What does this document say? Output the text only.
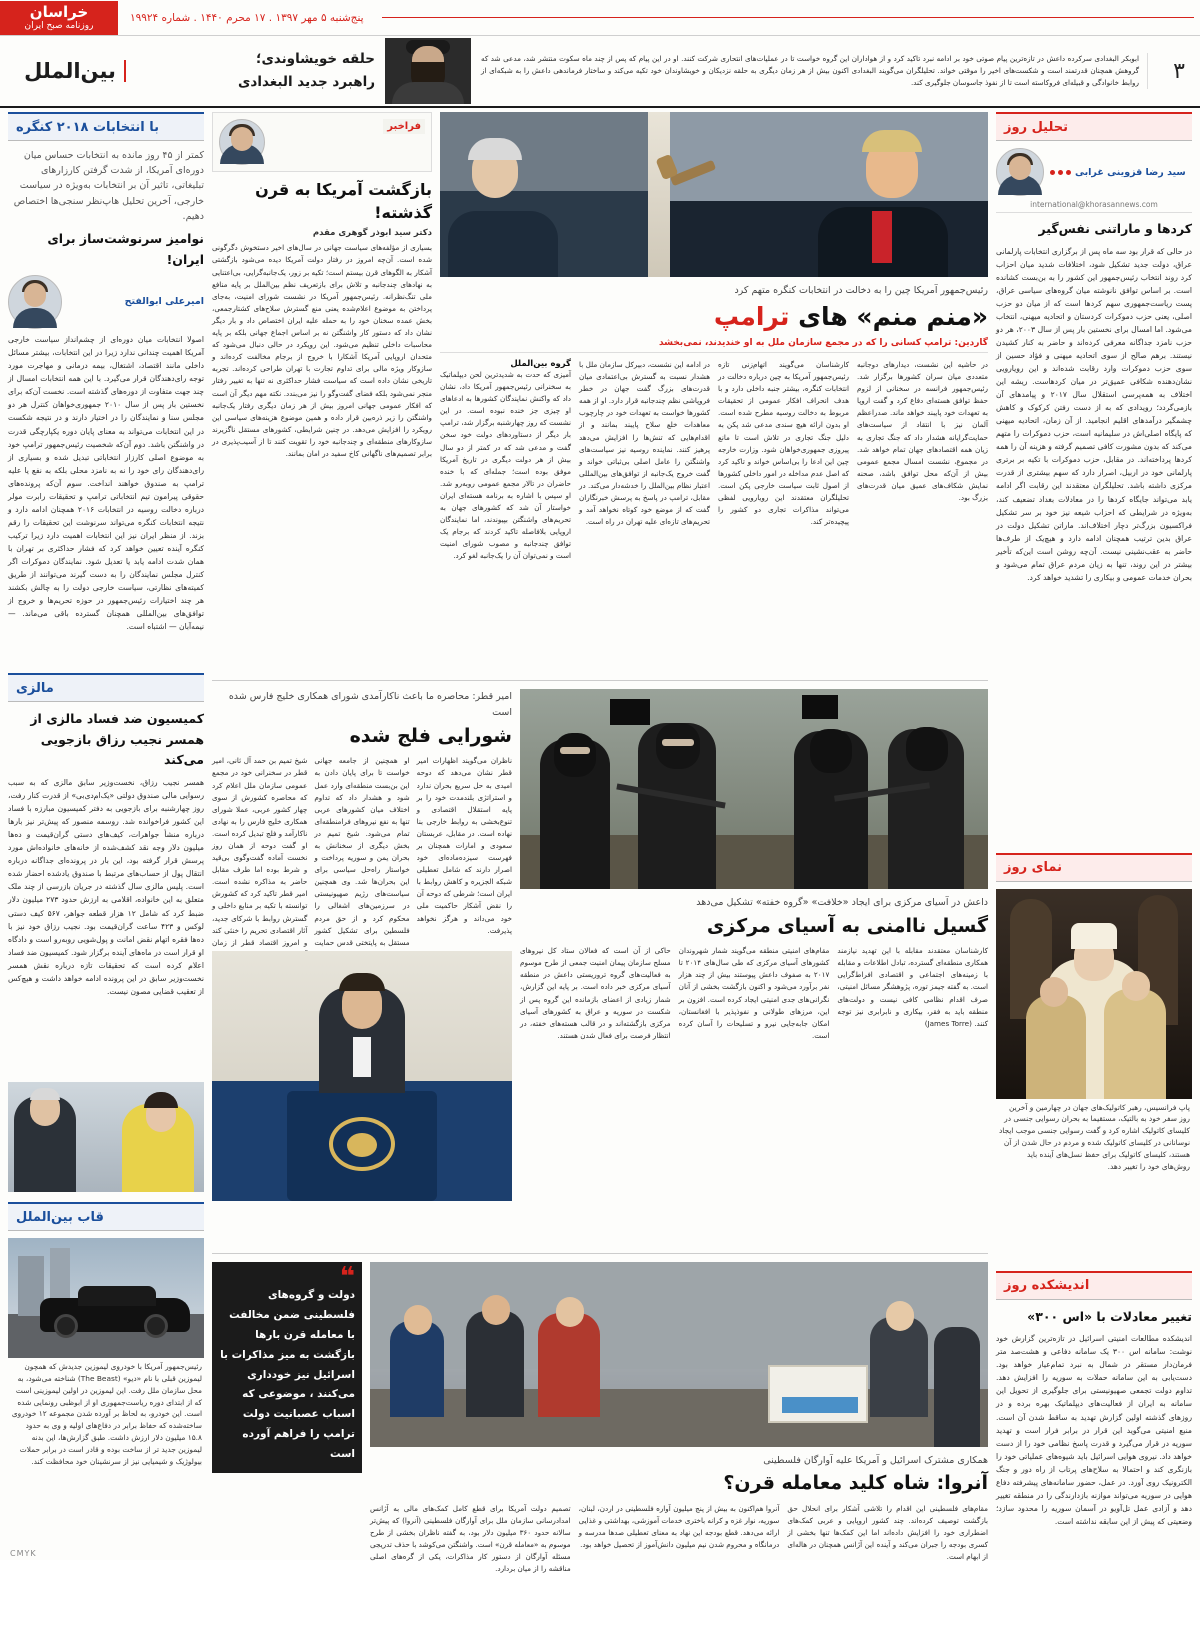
خراسان
روزنامه صبح ایران
پنج‌شنبه ۵ مهر ۱۳۹۷ . ۱۷ محرم ۱۴۴۰ . شماره ۱۹۹۲۴
۳
بین‌الملل	حلقه خویشاوندی؛
راهبرد جدید البغدادی
ابوبکر البغدادی سرکرده داعش در تازه‌ترین پیام صوتی خود بر ادامه نبرد تاکید کرد و از هواداران این گروه خواست تا در عملیات‌های انتحاری شرکت کنند. او در این پیام که پس از چند ماه سکوت منتشر شد، مدعی شد که گروهش همچنان قدرتمند است و شکست‌های اخیر را موقتی خواند. تحلیلگران می‌گویند البغدادی اکنون بیش از هر زمان دیگری به حلقه نزدیکان و خویشاوندان خود تکیه می‌کند و ساختار فرماندهی داعش را به شبکه‌ای از روابط خانوادگی و قبیله‌ای فروکاسته است تا از نفوذ جاسوسان جلوگیری کند.
با انتخابات ۲۰۱۸ کنگره
کمتر از ۴۵ روز مانده به انتخابات حساس میان دوره‌ای آمریکا، از شدت گرفتن کارزارهای تبلیغاتی، تاثیر آن بر انتخابات به‌ویژه در سیاست خارجی، آخرین تحلیل هاپ‌نظر سنجی‌ها اختصاص دهیم.
نواميز سرنوشت‌ساز برای ایران!
امیرعلی ابوالفتح
اصولا انتخابات میان دوره‌ای از چشم‌انداز سیاست خارجی آمریکا اهمیت چندانی ندارد زیرا در این انتخابات، بیشتر مسائل داخلی مانند اقتصاد، اشتغال، بیمه درمانی و مهاجرت مورد توجه رای‌دهندگان قرار می‌گیرد. با این همه انتخابات امسال از چند جهت متفاوت از دوره‌های گذشته است. نخست آن‌که برای نخستین بار پس از سال ۲۰۱۰ جمهوری‌خواهان کنترل هر دو مجلس سنا و نمایندگان را در اختیار دارند و در نتیجه شکست در این انتخابات می‌تواند به معنای پایان دوره یکپارچگی قدرت در واشنگتن باشد. دوم آن‌که شخصیت رئیس‌جمهور ترامپ خود به موضوع اصلی کارزار انتخاباتی تبدیل شده و بسیاری از رای‌دهندگان رای خود را نه به نامزد محلی بلکه به نفع یا علیه ترامپ به صندوق خواهند انداخت. سوم آن‌که پرونده‌های حقوقی پیرامون تیم انتخاباتی ترامپ و تحقیقات رابرت مولر درباره دخالت روسیه در انتخابات ۲۰۱۶ همچنان ادامه دارد و نتیجه انتخابات کنگره می‌تواند سرنوشت این تحقیقات را رقم بزند. از منظر ایران نیز این انتخابات اهمیت دارد زیرا ترکیب کنگره آینده تعیین خواهد کرد که فشار حداکثری بر تهران با همان شدت ادامه یابد یا تعدیل شود. نمایندگان دموکرات اگر کنترل مجلس نمایندگان را به دست گیرند می‌توانند از طریق کمیته‌های نظارتی، سیاست خارجی دولت را به چالش بکشند هر چند اختیارات رئیس‌جمهور در حوزه تحریم‌ها و خروج از توافق‌های بین‌المللی همچنان گسترده باقی می‌ماند. — نیمه‌آبان — اشتباه است.
مالزی
کمیسیون ضد فساد مالزی از همسر نجیب رزاق بازجویی می‌کند
همسر نجیب رزاق، نخست‌وزیر سابق مالزی که به سبب رسوایی مالی صندوق دولتی «یک‌ام‌دی‌بی» از قدرت کنار رفت، روز چهارشنبه برای بازجویی به دفتر کمیسیون مبارزه با فساد این کشور فراخوانده شد. روسمه منصور که پیش‌تر نیز بارها درباره منشأ جواهرات، کیف‌های دستی گران‌قیمت و ده‌ها میلیون دلار وجه نقد کشف‌شده از خانه‌های خانواده‌اش مورد پرسش قرار گرفته بود، این بار در پرونده‌ای جداگانه درباره انتقال پول از حساب‌های مرتبط با صندوق یادشده احضار شده است. پلیس مالزی سال گذشته در جریان بازرسی از چند ملک متعلق به این خانواده، اقلامی به ارزش حدود ۲۷۳ میلیون دلار ضبط کرد که شامل ۱۲ هزار قطعه جواهر، ۵۶۷ کیف دستی لوکس و ۴۲۳ ساعت گران‌قیمت بود. نجیب رزاق خود نیز با ده‌ها فقره اتهام نقض امانت و پول‌شویی روبه‌رو است و دادگاه او قرار است در ماه‌های آینده برگزار شود. کمیسیون ضد فساد اعلام کرده است که تحقیقات تازه درباره نقش همسر نخست‌وزیر سابق در این پرونده ادامه خواهد داشت و هیچ‌کس از تعقیب قضایی مصون نیست.
قاب بین‌الملل
رئیس‌جمهور آمریکا با خودروی لیموزین جدیدش که همچون لیموزین قبلی با نام «دیو» (The Beast) شناخته می‌شود، به محل سازمان ملل رفت. این لیموزین در اولین لیموزینی است که از ابتدای دوره ریاست‌جمهوری او از ابوظبی رونمایی شده است. این خودرو، به لحاظ بر آورده شدن مجموعه ۱۲ خودروی ساخته‌شده که حفاظ برابر در دفاع‌های اولیه و وی به حدود ۱۵.۸ میلیون دلار ارزش داشت. طبق گزارش‌ها، این بدنه لیموزین جدید تر از ساخت بوده و قادر است در برابر حملات بیولوژیک و شیمیایی نیز از سرنشینان خود محافظت کند.
فراخبر
بازگشت آمریکا به قرن گذشته!
دکتر سید ابوذر گوهری مقدم
بسیاری از مؤلفه‌های سیاست جهانی در سال‌های اخیر دستخوش دگرگونی شده است. آن‌چه امروز در رفتار دولت آمریکا دیده می‌شود بازگشتی آشکار به الگوهای قرن بیستم است؛ تکیه بر زور، یک‌جانبه‌گرایی، بی‌اعتنایی به نهادهای چندجانبه و تلاش برای بازتعریف نظم بین‌الملل بر پایه منافع ملی تنگ‌نظرانه. رئیس‌جمهور آمریکا در نشست شورای امنیت، به‌جای پرداختن به موضوع اعلام‌شده یعنی منع گسترش سلاح‌های کشتارجمعی، بخش عمده سخنان خود را به حمله علیه ایران اختصاص داد و بار دیگر نشان داد که دستور کار واشنگتن نه بر اساس اجماع جهانی بلکه بر پایه محاسبات داخلی تنظیم می‌شود. این رویکرد در حالی دنبال می‌شود که متحدان اروپایی آمریکا آشکارا با خروج از برجام مخالفت کرده‌اند و سازوکار ویژه مالی برای تداوم تجارت با تهران طراحی کرده‌اند. تجربه تاریخی نشان داده است که سیاست فشار حداکثری نه تنها به تغییر رفتار منجر نمی‌شود بلکه فضای گفت‌وگو را نیز می‌بندد. نکته مهم دیگر آن است که افکار عمومی جهانی امروز بیش از هر زمان دیگری رفتار یک‌جانبه واشنگتن را زیر ذره‌بین قرار داده و همین موضوع هزینه‌های سیاسی این رویکرد را افزایش می‌دهد. در چنین شرایطی، کشورهای مستقل ناگزیرند سازوکارهای منطقه‌ای و چندجانبه خود را تقویت کنند تا از آسیب‌پذیری در برابر تصمیم‌های ناگهانی کاخ سفید در امان بمانند.
رئیس‌جمهور آمریکا چین را به دخالت در انتخابات کنگره متهم کرد
«منم منم» های ترامپ
گاردین: ترامپ کسانی را که در مجمع سازمان ملل به او خندیدند، نمی‌بخشد
گروه بین‌الملل
آمیزی که حدت به شدیدترین لحن دیپلماتیک به سخنرانی رئیس‌جمهور آمریکا داد، نشان داد که واکنش نمایندگان کشورها به ادعاهای او چیزی جز خنده نبوده است. در این نشست که روز چهارشنبه برگزار شد، ترامپ بار دیگر از دستاوردهای دولت خود سخن گفت و مدعی شد که در کمتر از دو سال بیش از هر دولت دیگری در تاریخ آمریکا موفق بوده است؛ جمله‌ای که با خنده حاضران در تالار مجمع عمومی روبه‌رو شد. او سپس با اشاره به برنامه هسته‌ای ایران خواستار آن شد که کشورهای جهان به تحریم‌های واشنگتن بپیوندند، اما نمایندگان اروپایی بلافاصله تاکید کردند که برجام یک توافق چندجانبه و مصوب شورای امنیت است و نمی‌توان آن را یک‌جانبه لغو کرد.
در ادامه این نشست، دبیرکل سازمان ملل با هشدار نسبت به گسترش بی‌اعتمادی میان قدرت‌های بزرگ گفت جهان در خطر فروپاشی نظم چندجانبه قرار دارد. او از همه کشورها خواست به تعهدات خود در چارچوب معاهدات خلع سلاح پایبند بمانند و از اقدام‌هایی که تنش‌ها را افزایش می‌دهد پرهیز کنند. نماینده روسیه نیز سیاست‌های واشنگتن را عامل اصلی بی‌ثباتی خواند و گفت خروج یک‌جانبه از توافق‌های بین‌المللی اعتبار نظام بین‌الملل را خدشه‌دار می‌کند. در مقابل، ترامپ در پاسخ به پرسش خبرنگاران گفت که از موضع خود کوتاه نخواهد آمد و تحریم‌های تازه‌ای علیه تهران در راه است.
کارشناسان می‌گویند اتهام‌زنی تازه رئیس‌جمهور آمریکا به چین درباره دخالت در انتخابات کنگره، بیشتر جنبه داخلی دارد و با هدف انحراف افکار عمومی از تحقیقات مربوط به دخالت روسیه مطرح شده است. او بدون ارائه هیچ سندی مدعی شد پکن به دلیل جنگ تجاری در تلاش است تا مانع پیروزی جمهوری‌خواهان شود. وزارت خارجه چین این ادعا را بی‌اساس خواند و تاکید کرد که اصل عدم مداخله در امور داخلی کشورها از اصول ثابت سیاست خارجی پکن است. تحلیلگران معتقدند این رویارویی لفظی می‌تواند مذاکرات تجاری دو کشور را پیچیده‌تر کند.
در حاشیه این نشست، دیدارهای دوجانبه متعددی میان سران کشورها برگزار شد. رئیس‌جمهور فرانسه در سخنانی از لزوم حفظ توافق هسته‌ای دفاع کرد و گفت اروپا به تعهدات خود پایبند خواهد ماند. صدراعظم آلمان نیز با انتقاد از سیاست‌های حمایت‌گرایانه هشدار داد که جنگ تجاری به زیان همه اقتصادهای جهان تمام خواهد شد. در مجموع، نشست امسال مجمع عمومی بیش از آن‌که محل توافق باشد، صحنه نمایش شکاف‌های عمیق میان قدرت‌های بزرگ بود.
امیر قطر: محاصره ما باعث ناکارآمدی شورای همکاری خلیج فارس شده است
شورایی فلج شده
شیخ تمیم بن حمد آل ثانی، امیر قطر در سخنرانی خود در مجمع عمومی سازمان ملل اعلام کرد که محاصره کشورش از سوی چهار کشور عربی، عملا شورای همکاری خلیج فارس را به نهادی ناکارآمد و فلج تبدیل کرده است. او گفت دوحه از همان روز نخست آماده گفت‌وگوی بی‌قید و شرط بوده اما طرف مقابل حاضر به مذاکره نشده است. امیر قطر تاکید کرد که کشورش توانسته با تکیه بر منابع داخلی و گسترش روابط با شرکای جدید، آثار اقتصادی تحریم را خنثی کند و امروز اقتصاد قطر از زمان
او همچنین از جامعه جهانی خواست تا برای پایان دادن به این بن‌بست منطقه‌ای وارد عمل شود و هشدار داد که تداوم اختلاف میان کشورهای عربی تنها به نفع نیروهای فرامنطقه‌ای تمام می‌شود. شیخ تمیم در بخش دیگری از سخنانش به بحران یمن و سوریه پرداخت و خواستار راه‌حل سیاسی برای این بحران‌ها شد. وی همچنین سیاست‌های رژیم صهیونیستی در سرزمین‌های اشغالی را محکوم کرد و از حق مردم فلسطین برای تشکیل کشور مستقل به پایتختی قدس حمایت
ناظران می‌گویند اظهارات امیر قطر نشان می‌دهد که دوحه امیدی به حل سریع بحران ندارد و استراتژی بلندمدت خود را بر پایه استقلال اقتصادی و تنوع‌بخشی به روابط خارجی بنا نهاده است. در مقابل، عربستان سعودی و امارات همچنان بر فهرست سیزده‌ماده‌ای خود اصرار دارند که شامل تعطیلی شبکه الجزیره و کاهش روابط با ایران است؛ شرطی که دوحه آن را نقض آشکار حاکمیت ملی خود می‌داند و هرگز نخواهد پذیرفت.
داعش در آسیای مرکزی برای ایجاد «خلافت» «گروه خفته» تشکیل می‌دهد
گسیل ناامنی به آسیای مرکزی
حاکی از آن است که فعالان ستاد کل نیروهای مسلح سازمان پیمان امنیت جمعی از طرح موسوم به فعالیت‌های گروه تروریستی داعش در منطقه آسیای مرکزی خبر داده است. بر پایه این گزارش، شمار زیادی از اعضای بازمانده این گروه پس از شکست در سوریه و عراق به کشورهای آسیای مرکزی بازگشته‌اند و در قالب هسته‌های خفته، در انتظار فرصت برای فعال شدن هستند.
مقام‌های امنیتی منطقه می‌گویند شمار شهروندان کشورهای آسیای مرکزی که طی سال‌های ۲۰۱۴ تا ۲۰۱۷ به صفوف داعش پیوستند بیش از چند هزار نفر برآورد می‌شود و اکنون بازگشت بخشی از آنان نگرانی‌های جدی امنیتی ایجاد کرده است. افزون بر این، مرزهای طولانی و نفوذپذیر با افغانستان، امکان جابه‌جایی نیرو و تسلیحات را آسان کرده است.
کارشناسان معتقدند مقابله با این تهدید نیازمند همکاری منطقه‌ای گسترده، تبادل اطلاعات و مقابله با زمینه‌های اجتماعی و اقتصادی افراط‌گرایی است. به گفته جیمز توره، پژوهشگر مسائل امنیتی، صرف اقدام نظامی کافی نیست و دولت‌های منطقه باید به فقر، بیکاری و نابرابری نیز توجه کنند. (James Torre)
❝
دولت و گروه‌های فلسطینی ضمن مخالفت با معامله قرن بارها بازگشت به میز مذاکرات با اسرائیل نیز خود‌داری می‌کنند ، موضوعی که اسباب عصبانیت دولت ترامپ را فراهم آورده است
همکاری مشترک اسرائیل و آمریکا علیه آوارگان فلسطینی
آنروا: شاه کلید معامله قرن؟
تصمیم دولت آمریکا برای قطع کامل کمک‌های مالی به آژانس امدادرسانی سازمان ملل برای آوارگان فلسطینی (آنروا) که پیش‌تر سالانه حدود ۳۶۰ میلیون دلار بود، به گفته ناظران بخشی از طرح موسوم به «معامله قرن» است. واشنگتن می‌کوشد با حذف تدریجی مسئله آوارگان از دستور کار مذاکرات، یکی از گره‌های اصلی مناقشه را از میان بردارد.
آنروا هم‌اکنون به بیش از پنج میلیون آواره فلسطینی در اردن، لبنان، سوریه، نوار غزه و کرانه باختری خدمات آموزشی، بهداشتی و غذایی ارائه می‌دهد. قطع بودجه این نهاد به معنای تعطیلی صدها مدرسه و درمانگاه و محروم شدن نیم میلیون دانش‌آموز از تحصیل خواهد بود.
مقام‌های فلسطینی این اقدام را تلاشی آشکار برای انحلال حق بازگشت توصیف کرده‌اند. چند کشور اروپایی و عربی کمک‌های اضطراری خود را افزایش داده‌اند اما این کمک‌ها تنها بخشی از کسری بودجه را جبران می‌کند و آینده این آژانس همچنان در هاله‌ای از ابهام است.
تحلیل روز
سید رضا قزوینی غرابی
international@khorasannews.com
کردها و ماراتنی نفس‌گیر
در حالی که قرار بود سه ماه پس از برگزاری انتخابات پارلمانی عراق، دولت جدید تشکیل شود، اختلافات شدید میان احزاب کرد روند انتخاب رئیس‌جمهور این کشور را به بن‌بست کشانده است. بر اساس توافق نانوشته میان گروه‌های سیاسی عراق، پست ریاست‌جمهوری سهم کردها است که از میان دو حزب اصلی، یعنی حزب دموکرات کردستان و اتحادیه میهنی، انتخاب می‌شود. اما امسال برای نخستین بار پس از سال ۲۰۰۳، هر دو حزب نامزد جداگانه معرفی کرده‌اند و حاضر به کنار کشیدن نیستند. برهم صالح از سوی اتحادیه میهنی و فؤاد حسین از سوی حزب دموکرات وارد رقابت شده‌اند و این رویارویی نشان‌دهنده شکافی عمیق‌تر در میان کردهاست. ریشه این اختلاف به همه‌پرسی استقلال سال ۲۰۱۷ و پیامدهای آن بازمی‌گردد؛ رویدادی که به از دست رفتن کرکوک و کاهش چشمگیر درآمدهای اقلیم انجامید. از آن زمان، اتحادیه میهنی که پایگاه اصلی‌اش در سلیمانیه است، حزب دموکرات را متهم می‌کند که بدون مشورت کافی تصمیم گرفته و هزینه آن را همه کردها پرداخته‌اند. در مقابل، حزب دموکرات با تکیه بر برتری پارلمانی خود در اربیل، اصرار دارد که سهم بیشتری از قدرت مرکزی داشته باشد. تحلیلگران معتقدند این رقابت اگر ادامه یابد می‌تواند جایگاه کردها را در معادلات بغداد تضعیف کند، به‌ویژه در شرایطی که احزاب شیعه نیز خود بر سر تشکیل فراکسیون بزرگ‌تر دچار اختلاف‌اند. ماراتن تشکیل دولت در عراق بدین ترتیب همچنان ادامه دارد و هیچ‌یک از طرف‌ها حاضر به عقب‌نشینی نیست. آن‌چه روشن است این‌که تأخیر بیشتر در این روند، تنها به زیان مردم عراق تمام می‌شود و بحران خدمات عمومی و بیکاری را تشدید خواهد کرد.
نمای روز
پاپ فرانسیس، رهبر کاتولیک‌های جهان در چهارمین و آخرین روز سفر خود به بالتیک، مستقیما به بحران رسوایی جنسی در کلیسای کاتولیک اشاره کرد و گفت رسوایی جنسی موجب ایجاد نوسانانی در کلیسای کاتولیک شده و مردم در حال شدن از آن هستند، کلیسای کاتولیک برای حفظ نسل‌های آینده باید روش‌های خود را تغییر دهد.
اندیشکده روز
تغییر معادلات با «اس ۳۰۰»
اندیشکده مطالعات امنیتی اسرائیل در تازه‌ترین گزارش خود نوشت: سامانه اس ۳۰۰ یک سامانه دفاعی و هشت‌صد متر فرمان‌دار مستقر در شمال به نبرد تمام‌عیار خواهد بود. دست‌یابی به این سامانه حملات به سوریه را افزایش دهد. تداوم دولت تجمعی صهیونیستی برای جلوگیری از تحویل این سامانه به ایران از فعالیت‌های دیپلماتیک بهره برده و در روزهای گذشته اولین گزارش تهدید به ساقط شدن آن است. منبع امنیتی می‌گوید این قرار در برابر فرار است و تهدید سوریه در قرار می‌گیرد و قدرت پاسخ نظامی خود را از دست خواهد داد. نیروی هوایی اسرائیل باید شیوه‌های عملیاتی خود را بازنگری کند و احتمالا به سلاح‌های پرتاب از راه دور و جنگ الکترونیک روی آورد. در عمل، حضور سامانه‌های پیشرفته دفاع هوایی در سوریه می‌تواند موازنه بازدارندگی را در منطقه تغییر دهد و آزادی عمل تل‌آویو در آسمان سوریه را محدود سازد؛ وضعیتی که پیش از این سابقه نداشته است.
CMYK
